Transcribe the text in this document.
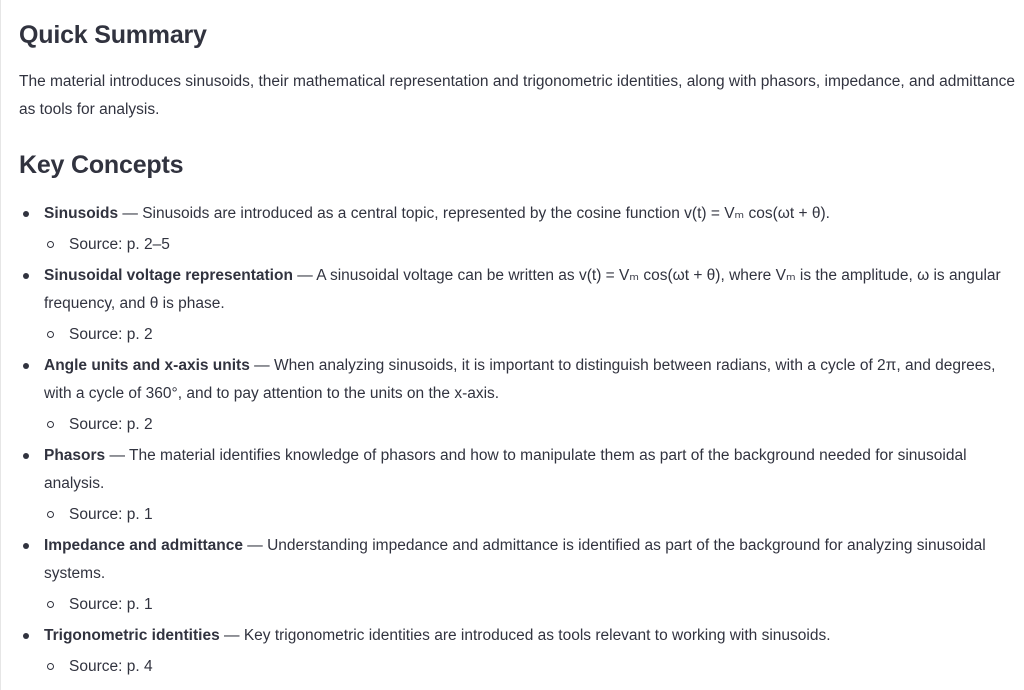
Quick Summary
The material introduces sinusoids, their mathematical representation and trigonometric identities, along with phasors, impedance, and admittance as tools for analysis.
Key Concepts
Sinusoids — Sinusoids are introduced as a central topic, represented by the cosine function v(t) = Vₘ cos(ωt + θ).
Source: p. 2–5
Sinusoidal voltage representation — A sinusoidal voltage can be written as v(t) = Vₘ cos(ωt + θ), where Vₘ is the amplitude, ω is angular frequency, and θ is phase.
Source: p. 2
Angle units and x-axis units — When analyzing sinusoids, it is important to distinguish between radians, with a cycle of 2π, and degrees, with a cycle of 360°, and to pay attention to the units on the x-axis.
Source: p. 2
Phasors — The material identifies knowledge of phasors and how to manipulate them as part of the background needed for sinusoidal analysis.
Source: p. 1
Impedance and admittance — Understanding impedance and admittance is identified as part of the background for analyzing sinusoidal systems.
Source: p. 1
Trigonometric identities — Key trigonometric identities are introduced as tools relevant to working with sinusoids.
Source: p. 4
